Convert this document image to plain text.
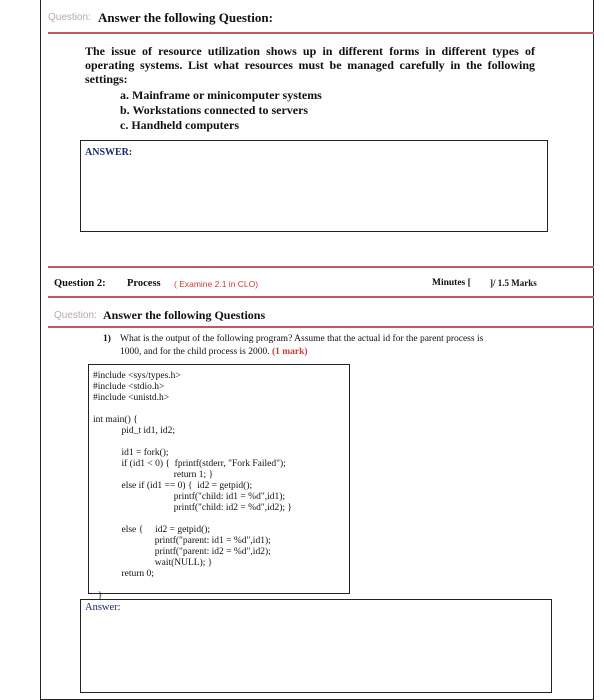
Question: Answer the following Question:
The issue of resource utilization shows up in different forms in different types of operating systems. List what resources must be managed carefully in the following settings:
a. Mainframe or minicomputer systems
b. Workstations connected to servers
c. Handheld computers
ANSWER:
Question 2: Process ( Examine 2.1 in CLO)	Minutes [ ]/ 1.5 Marks
Question: Answer the following Questions
1) What is the output of the following program? Assume that the actual id for the parent process is
1000, and for the child process is 2000. (1 mark)
#include <sys/types.h>
#include <stdio.h>
#include <unistd.h>

int main() {
pid_t id1, id2;

id1 = fork();
if (id1 < 0) {  fprintf(stderr, "Fork Failed");
return 1; }
else if (id1 == 0) {  id2 = getpid();
printf("child: id1 = %d",id1);
printf("child: id2 = %d",id2); }

else {     id2 = getpid();
printf("parent: id1 = %d",id1);
printf("parent: id2 = %d",id2);
wait(NULL); }
return 0;

}
Answer:
